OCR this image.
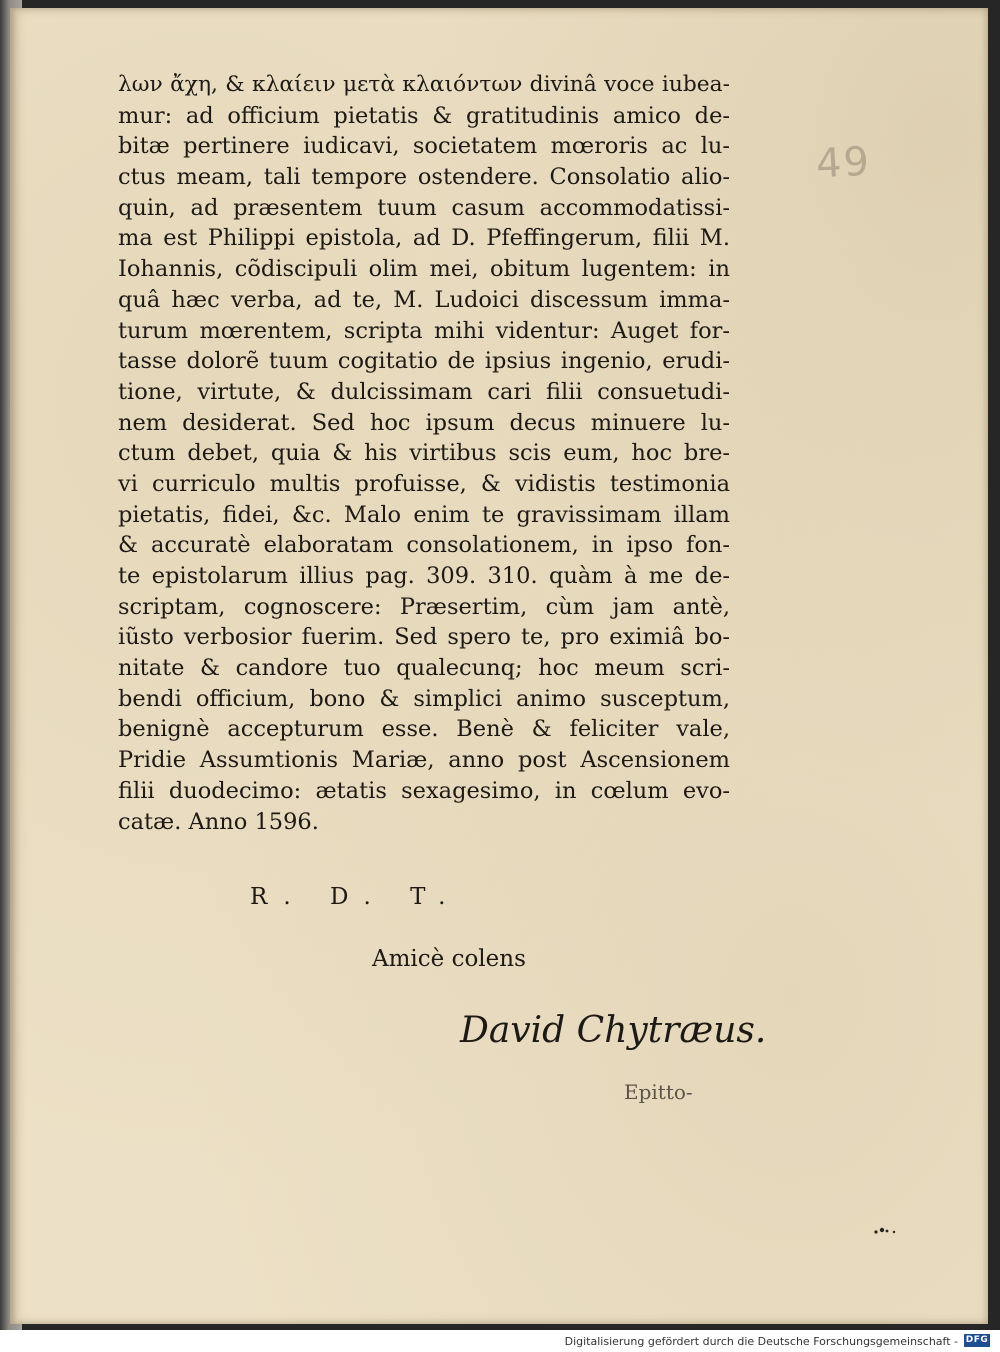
49
λων ἄχη, & κλαίειν μετὰ κλαιόντων divinâ voce iubea-
mur: ad officium pietatis & gratitudinis amico de-
bitæ pertinere iudicavi, societatem mœroris ac lu-
ctus meam, tali tempore ostendere. Consolatio alio-
quin, ad præsentem tuum casum accommodatissi-
ma est Philippi epistola, ad D. Pfeffingerum, filii M.
Iohannis, cõdiscipuli olim mei, obitum lugentem: in
quâ hæc verba, ad te, M. Ludoici discessum imma-
turum mœrentem, scripta mihi videntur: Auget for-
tasse dolorẽ tuum cogitatio de ipsius ingenio, erudi-
tione, virtute, & dulcissimam cari filii consuetudi-
nem desiderat. Sed hoc ipsum decus minuere lu-
ctum debet, quia & his virtibus scis eum, hoc bre-
vi curriculo multis profuisse, & vidistis testimonia
pietatis, fidei, &c. Malo enim te gravissimam illam
& accuratè elaboratam consolationem, in ipso fon-
te epistolarum illius pag. 309. 310. quàm à me de-
scriptam, cognoscere: Præsertim, cùm jam antè,
iũsto verbosior fuerim. Sed spero te, pro eximiâ bo-
nitate & candore tuo qualecunq; hoc meum scri-
bendi officium, bono & simplici animo susceptum,
benignè accepturum esse. Benè & feliciter vale,
Pridie Assumtionis Mariæ, anno post Ascensionem
filii duodecimo: ætatis sexagesimo, in cœlum evo-
catæ. Anno 1596.
R. D. T.
Amicè colens
David Chytræus.
Epitto-
Digitalisierung gefördert durch die Deutsche Forschungsgemeinschaft - DFG
